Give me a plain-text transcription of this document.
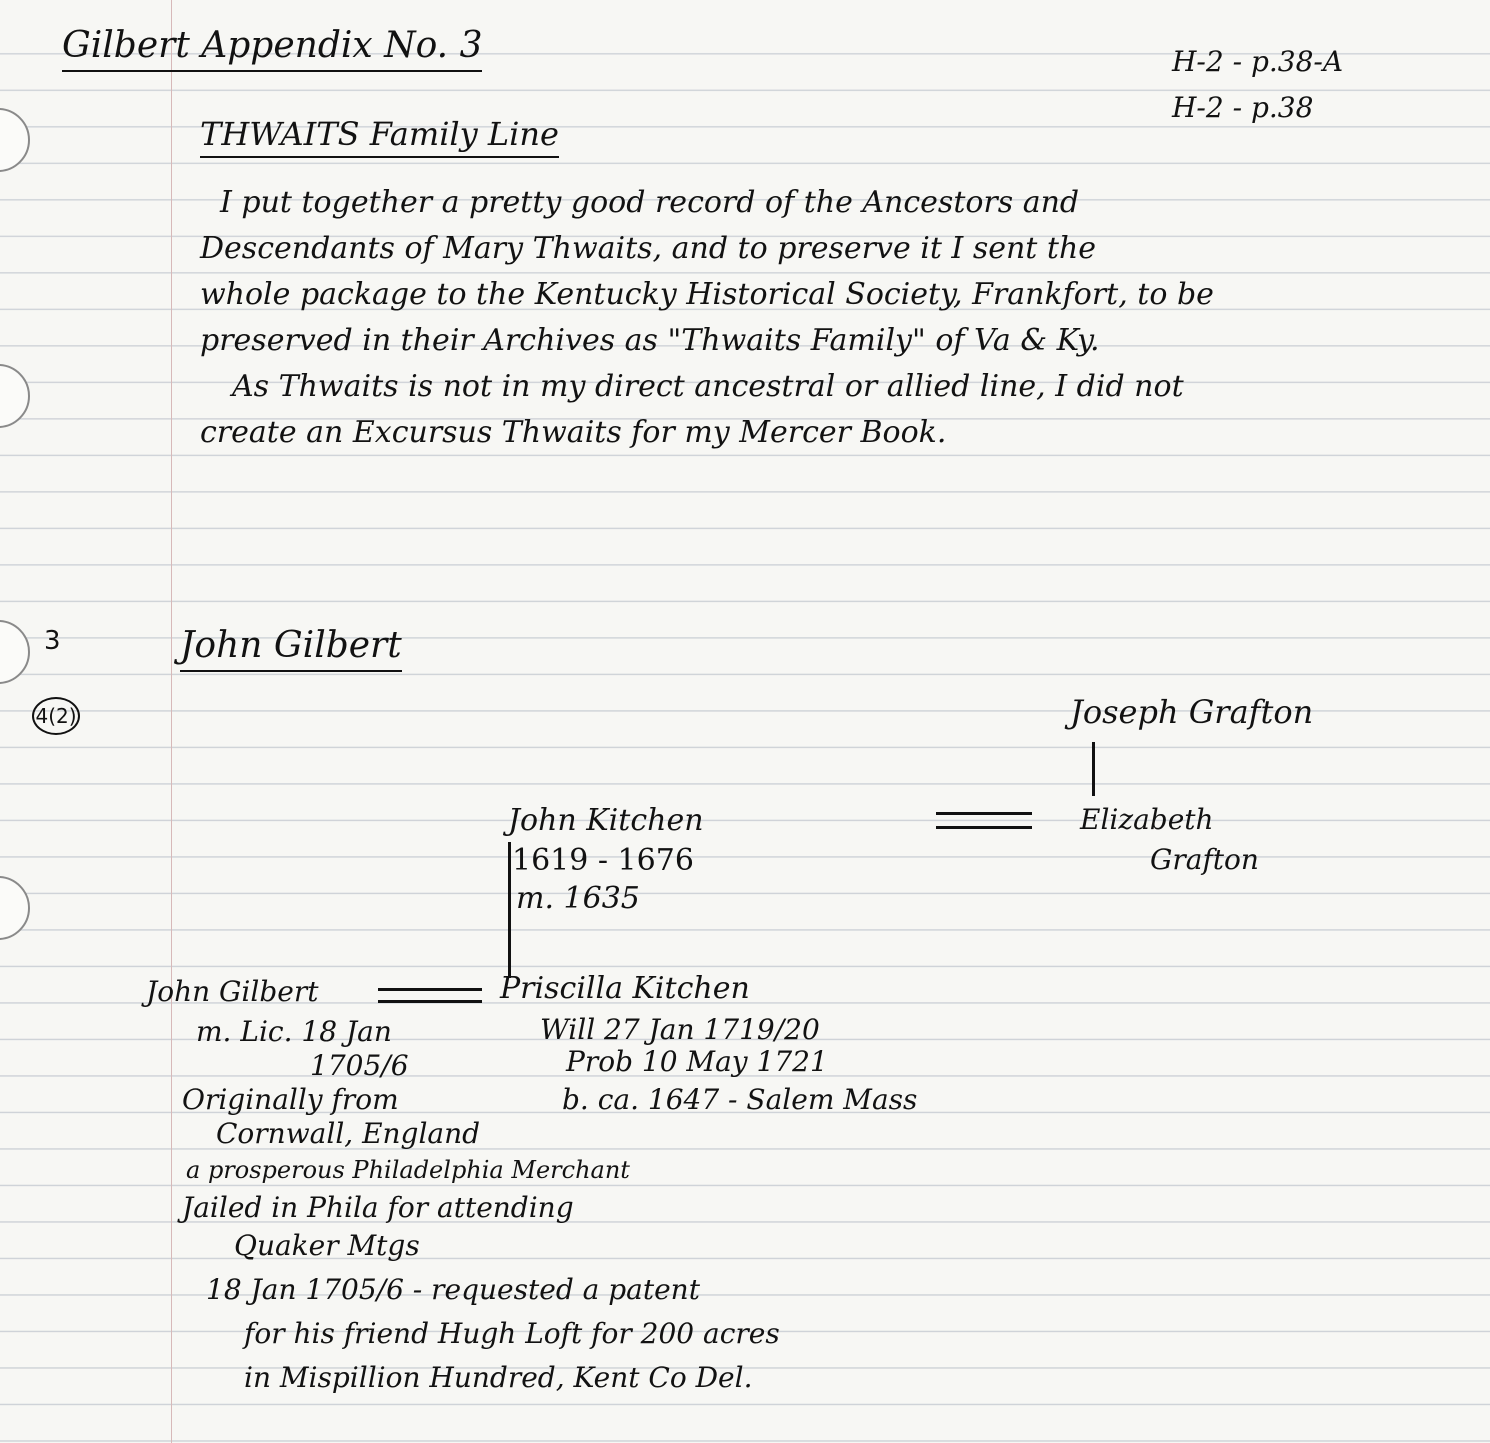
Gilbert Appendix No. 3	H-2 - p.38-A
H-2 - p.38
THWAITS Family Line
I put together a pretty good record of the Ancestors and
Descendants of Mary Thwaits, and to preserve it I sent the
whole package to the Kentucky Historical Society, Frankfort, to be
preserved in their Archives as "Thwaits Family" of Va & Ky.
As Thwaits is not in my direct ancestral or allied line, I did not
create an Excursus Thwaits for my Mercer Book.
3
4(2)
John Gilbert
Joseph Grafton
Elizabeth
Grafton
John Kitchen
1619 - 1676
m. 1635
John Gilbert	Priscilla Kitchen
m. Lic. 18 Jan
1705/6
Originally from
Cornwall, England
a prosperous Philadelphia Merchant
Jailed in Phila for attending
Quaker Mtgs
Will 27 Jan 1719/20
Prob 10 May 1721
b. ca. 1647 - Salem Mass
18 Jan 1705/6 - requested a patent
for his friend Hugh Loft for 200 acres
in Mispillion Hundred, Kent Co Del.
